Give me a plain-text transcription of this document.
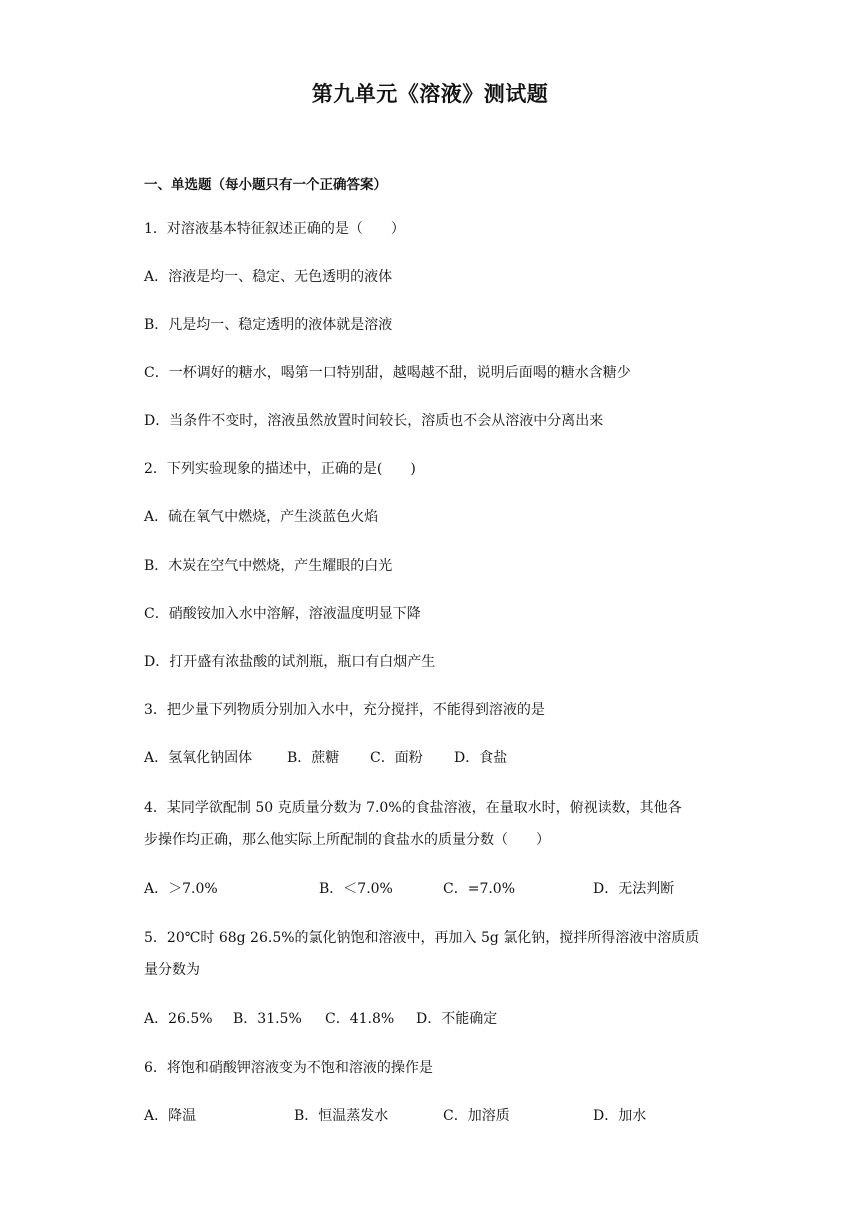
第九单元《溶液》测试题
一、单选题（每小题只有一个正确答案）
1．对溶液基本特征叙述正确的是（　　）
A．溶液是均一、稳定、无色透明的液体
B．凡是均一、稳定透明的液体就是溶液
C．一杯调好的糖水，喝第一口特别甜，越喝越不甜，说明后面喝的糖水含糖少
D．当条件不变时，溶液虽然放置时间较长，溶质也不会从溶液中分离出来
2．下列实验现象的描述中，正确的是(　　)
A．硫在氧气中燃烧，产生淡蓝色火焰
B．木炭在空气中燃烧，产生耀眼的白光
C．硝酸铵加入水中溶解，溶液温度明显下降
D．打开盛有浓盐酸的试剂瓶，瓶口有白烟产生
3．把少量下列物质分别加入水中，充分搅拌，不能得到溶液的是
A．氢氧化钠固体 B．蔗糖 C．面粉 D．食盐
4．某同学欲配制 50 克质量分数为 7.0%的食盐溶液，在量取水时，俯视读数，其他各
步操作均正确，那么他实际上所配制的食盐水的质量分数（　　）
A．＞7.0%	B．＜7.0%	C．=7.0%	D．无法判断
5．20℃时 68g 26.5%的氯化钠饱和溶液中，再加入 5g 氯化钠，搅拌所得溶液中溶质质
量分数为
A．26.5% B．31.5% C．41.8% D．不能确定
6．将饱和硝酸钾溶液变为不饱和溶液的操作是
A．降温	B．恒温蒸发水	C．加溶质	D．加水
